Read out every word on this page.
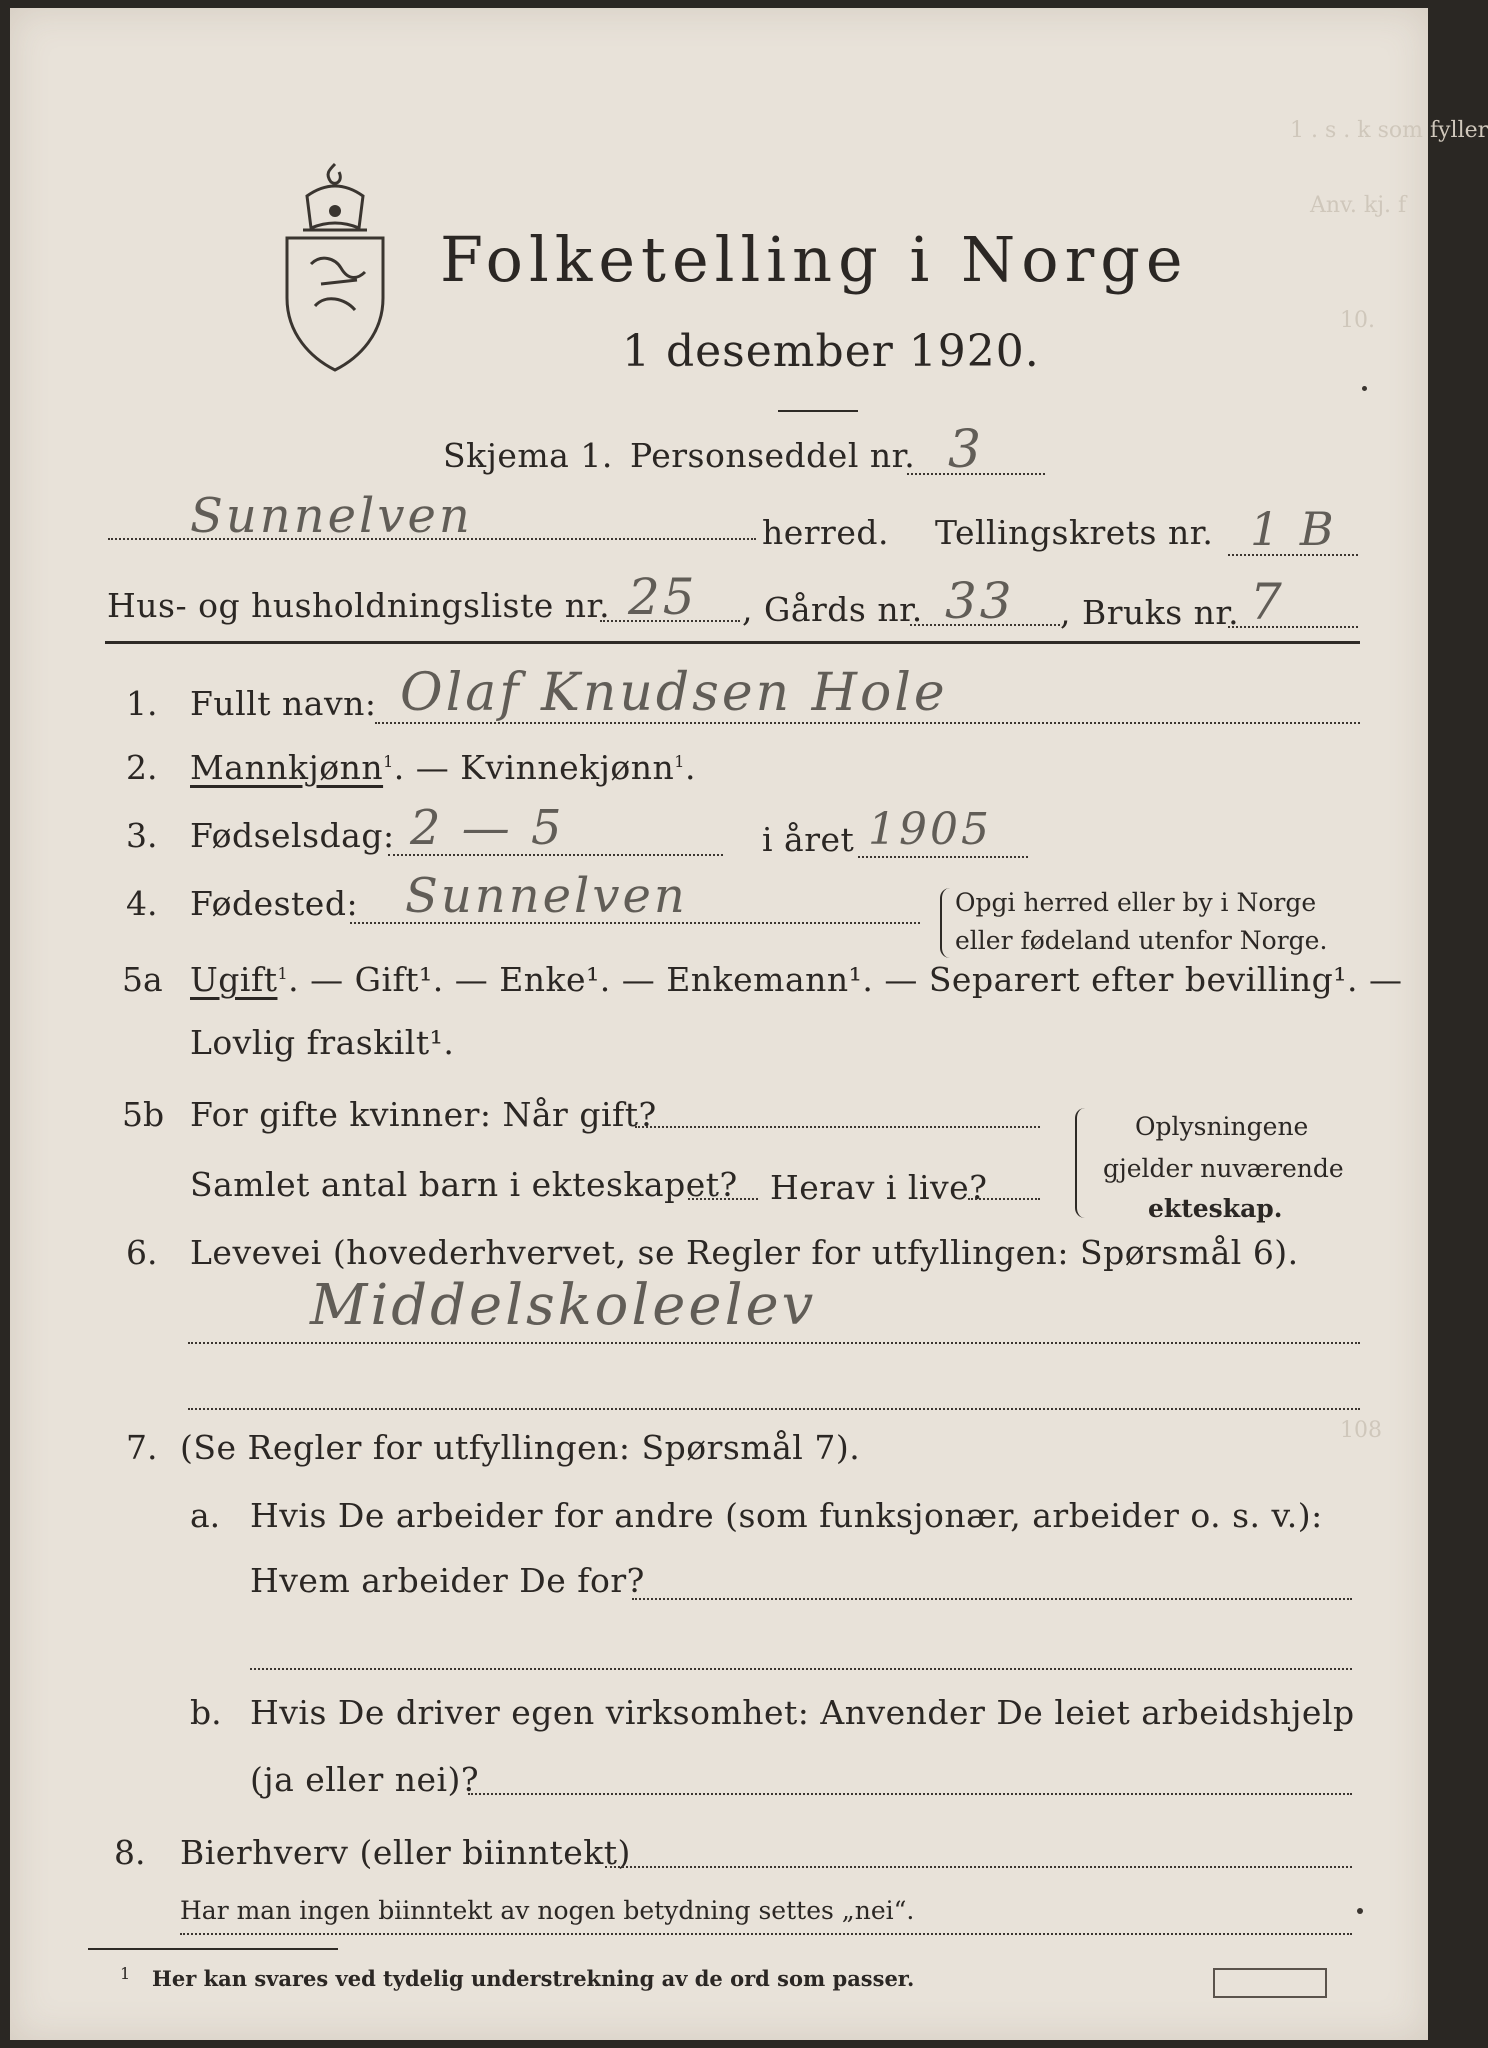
1 . s . k som fyller
Anv. kj. f
10.
108
Folketelling i Norge
1 desember 1920.
Skjema 1. Personseddel nr. 3
Sunnelven	herred. Tellingskrets nr. 1 B
Hus- og husholdningsliste nr. 25 , Gårds nr. 33 , Bruks nr. 7
1. Fullt navn: Olaf Knudsen Hole
2. Mannkjønn$^1$. — Kvinnekjønn$^1$.
3. Fødselsdag: 2 — 5	i året 1905
4. Fødested: Sunnelven	Opgi herred eller by i Norge
eller fødeland utenfor Norge.
5a Ugift$^1$. — Gift¹. — Enke¹. — Enkemann¹. — Separert efter bevilling¹. —
Lovlig fraskilt¹.
5b For gifte kvinner: Når gift?
Samlet antal barn i ekteskapet? Herav i live?
Oplysningene
gjelder nuværende
ekteskap.
6. Levevei (hovederhvervet, se Regler for utfyllingen: Spørsmål 6).
Middelskoleelev
7. (Se Regler for utfyllingen: Spørsmål 7).
a. Hvis De arbeider for andre (som funksjonær, arbeider o. s. v.):
Hvem arbeider De for?
b. Hvis De driver egen virksomhet: Anvender De leiet arbeidshjelp
(ja eller nei)?
8. Bierhverv (eller biinntekt)
Har man ingen biinntekt av nogen betydning settes „nei“.
1 Her kan svares ved tydelig understrekning av de ord som passer.
